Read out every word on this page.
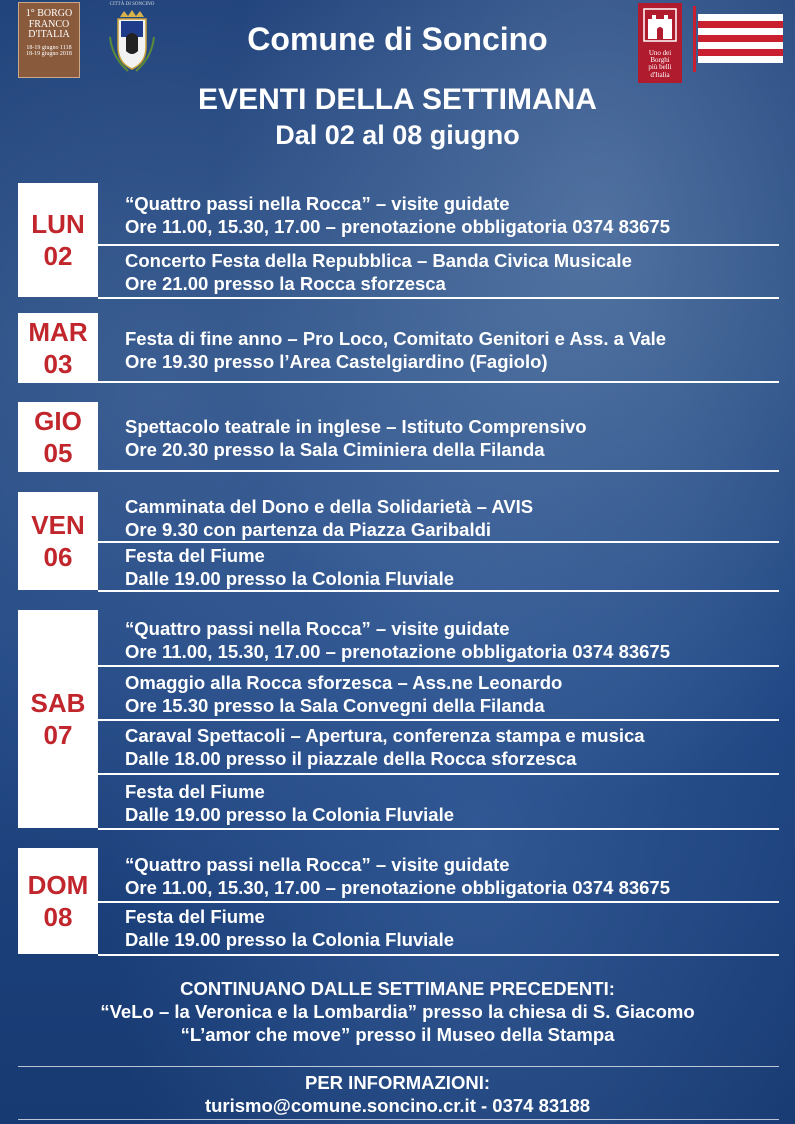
1° BORGO
FRANCO
D'ITALIA
18-19 giugno 1118
18-19 giugno 2018
CITTÀ DI SONCINO
Uno dei
Borghi
più belli
d'Italia
Comune di Soncino
EVENTI DELLA SETTIMANA
Dal 02 al 08 giugno
LUN
02
“Quattro passi nella Rocca” – visite guidate
Ore 11.00, 15.30, 17.00 – prenotazione obbligatoria 0374 83675
Concerto Festa della Repubblica – Banda Civica Musicale
Ore 21.00 presso la Rocca sforzesca
MAR
03
Festa di fine anno – Pro Loco, Comitato Genitori e Ass. a Vale
Ore 19.30 presso l’Area Castelgiardino (Fagiolo)
GIO
05
Spettacolo teatrale in inglese – Istituto Comprensivo
Ore 20.30 presso la Sala Ciminiera della Filanda
VEN
06
Camminata del Dono e della Solidarietà – AVIS
Ore 9.30 con partenza da Piazza Garibaldi
Festa del Fiume
Dalle 19.00 presso la Colonia Fluviale
SAB
07
“Quattro passi nella Rocca” – visite guidate
Ore 11.00, 15.30, 17.00 – prenotazione obbligatoria 0374 83675
Omaggio alla Rocca sforzesca – Ass.ne Leonardo
Ore 15.30 presso la Sala Convegni della Filanda
Caraval Spettacoli – Apertura, conferenza stampa e musica
Dalle 18.00 presso il piazzale della Rocca sforzesca
Festa del Fiume
Dalle 19.00 presso la Colonia Fluviale
DOM
08
“Quattro passi nella Rocca” – visite guidate
Ore 11.00, 15.30, 17.00 – prenotazione obbligatoria 0374 83675
Festa del Fiume
Dalle 19.00 presso la Colonia Fluviale
CONTINUANO DALLE SETTIMANE PRECEDENTI:
“VeLo – la Veronica e la Lombardia” presso la chiesa di S. Giacomo
“L’amor che move” presso il Museo della Stampa
PER INFORMAZIONI:
turismo@comune.soncino.cr.it - 0374 83188
